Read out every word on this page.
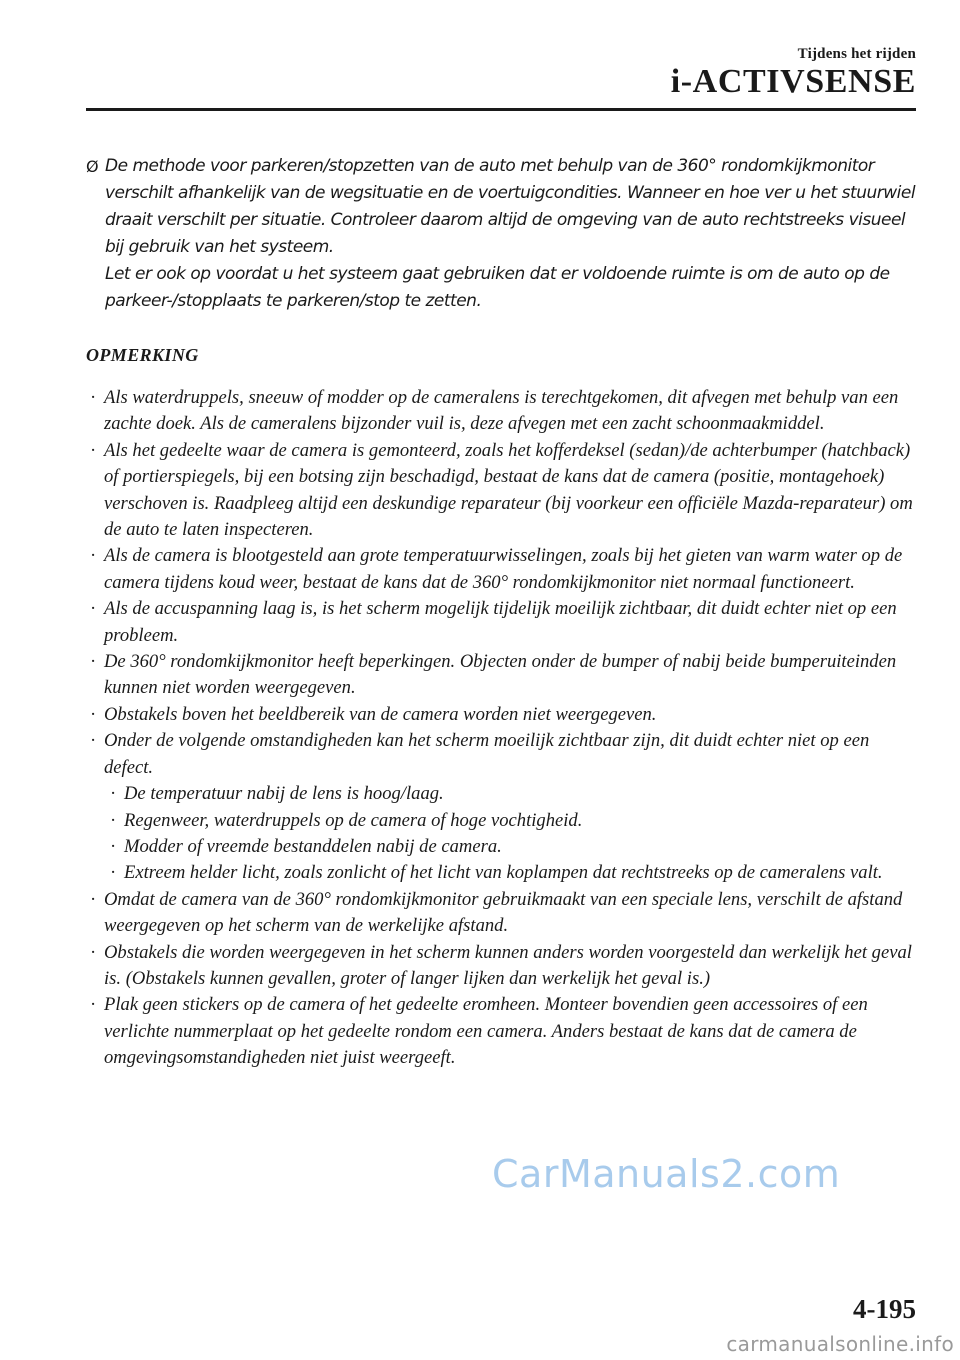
Tijdens het rijden
i-ACTIVSENSE
Ø De methode voor parkeren/stopzetten van de auto met behulp van de 360° rondomkijkmonitor verschilt afhankelijk van de wegsituatie en de voertuigcondities. Wanneer en hoe ver u het stuurwiel draait verschilt per situatie. Controleer daarom altijd de omgeving van de auto rechtstreeks visueel bij gebruik van het systeem.

Let er ook op voordat u het systeem gaat gebruiken dat er voldoende ruimte is om de auto op de parkeer-/stopplaats te parkeren/stop te zetten.

OPMERKING
· Als waterdruppels, sneeuw of modder op de cameralens is terechtgekomen, dit afvegen met behulp van een zachte doek. Als de cameralens bijzonder vuil is, deze afvegen met een zacht schoonmaakmiddel.
· Als het gedeelte waar de camera is gemonteerd, zoals het kofferdeksel (sedan)/de achterbumper (hatchback) of portierspiegels, bij een botsing zijn beschadigd, bestaat de kans dat de camera (positie, montagehoek) verschoven is. Raadpleeg altijd een deskundige reparateur (bij voorkeur een officiële Mazda-reparateur) om de auto te laten inspecteren.
· Als de camera is blootgesteld aan grote temperatuurwisselingen, zoals bij het gieten van warm water op de camera tijdens koud weer, bestaat de kans dat de 360° rondomkijkmonitor niet normaal functioneert.
· Als de accuspanning laag is, is het scherm mogelijk tijdelijk moeilijk zichtbaar, dit duidt echter niet op een probleem.
· De 360° rondomkijkmonitor heeft beperkingen. Objecten onder de bumper of nabij beide bumperuiteinden kunnen niet worden weergegeven.
· Obstakels boven het beeldbereik van de camera worden niet weergegeven.
· Onder de volgende omstandigheden kan het scherm moeilijk zichtbaar zijn, dit duidt echter niet op een defect.
· De temperatuur nabij de lens is hoog/laag.
· Regenweer, waterdruppels op de camera of hoge vochtigheid.
· Modder of vreemde bestanddelen nabij de camera.
· Extreem helder licht, zoals zonlicht of het licht van koplampen dat rechtstreeks op de cameralens valt.
· Omdat de camera van de 360° rondomkijkmonitor gebruikmaakt van een speciale lens, verschilt de afstand weergegeven op het scherm van de werkelijke afstand.
· Obstakels die worden weergegeven in het scherm kunnen anders worden voorgesteld dan werkelijk het geval is. (Obstakels kunnen gevallen, groter of langer lijken dan werkelijk het geval is.)
· Plak geen stickers op de camera of het gedeelte eromheen. Monteer bovendien geen accessoires of een verlichte nummerplaat op het gedeelte rondom een camera. Anders bestaat de kans dat de camera de omgevingsomstandigheden niet juist weergeeft.
CarManuals2.com
4-195
carmanualsonline.info
